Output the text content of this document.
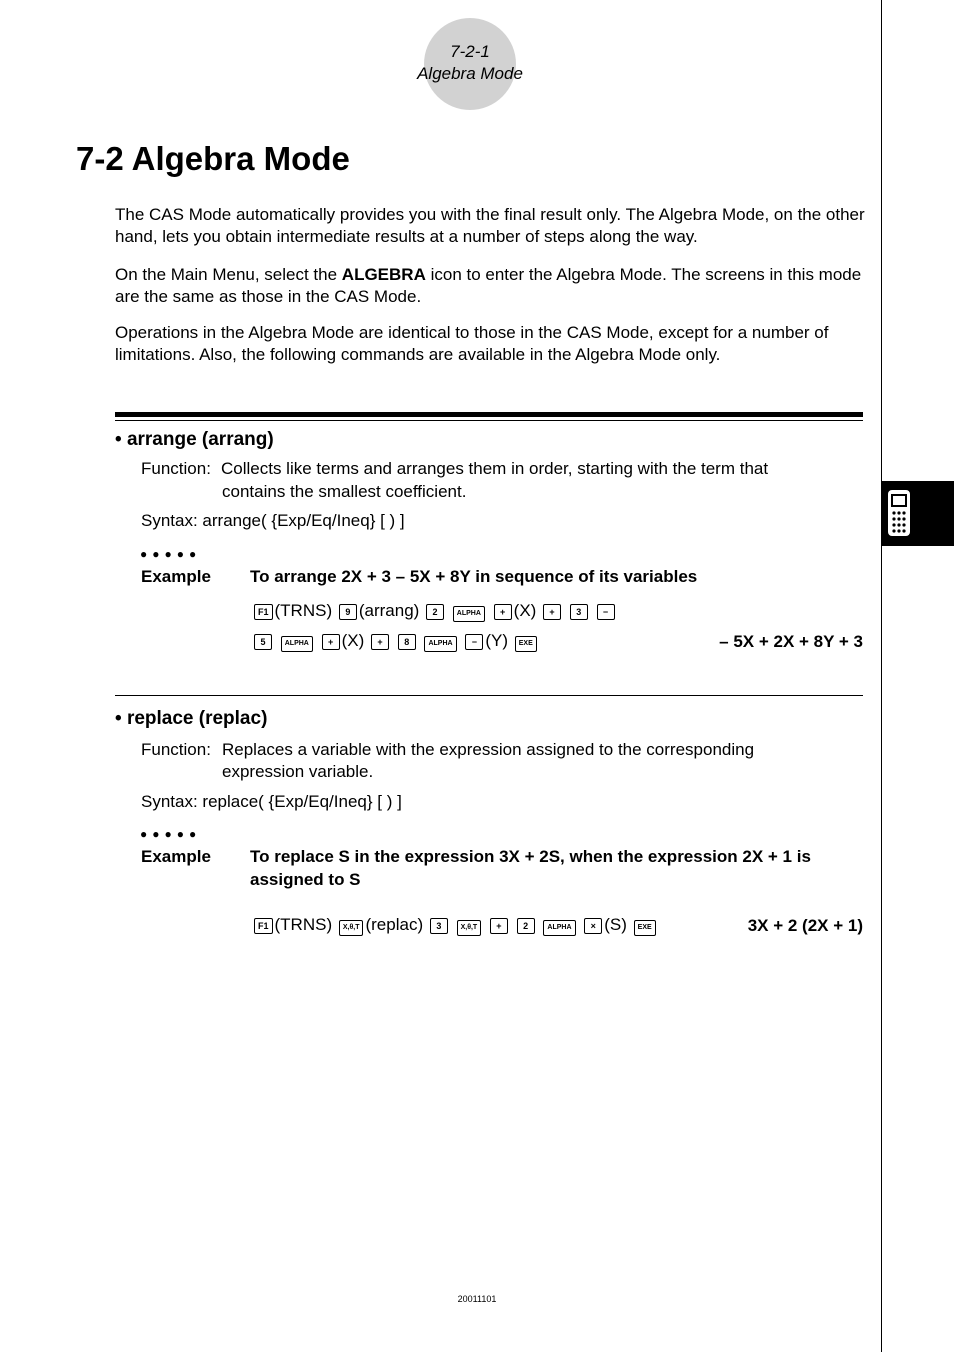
7-2-1
Algebra Mode
7-2 Algebra Mode

The CAS Mode automatically provides you with the final result only. The Algebra Mode, on the other hand, lets you obtain intermediate results at a number of steps along the way.

On the Main Menu, select the ALGEBRA icon to enter the Algebra Mode. The screens in this mode are the same as those in the CAS Mode.

Operations in the Algebra Mode are identical to those in the CAS Mode, except for a number of limitations. Also, the following commands are available in the Algebra Mode only.

• arrange (arrang)
Function: Collects like terms and arranges them in order, starting with the term that
contains the smallest coefficient.
Syntax: arrange( {Exp/Eq/Ineq} [ ) ]
●●●●●
Example To arrange 2X + 3 – 5X + 8Y in sequence of its variables
F1 (TRNS) 9 (arrang) 2	ALPHA + (X) + 3 −
5	ALPHA + (X) + 8	ALPHA − (Y) EXE	– 5X + 2X + 8Y + 3
• replace (replac)
Function: Replaces a variable with the expression assigned to the corresponding
expression variable.
Syntax: replace( {Exp/Eq/Ineq} [ ) ]
●●●●●
Example To replace S in the expression 3X + 2S, when the expression 2X + 1 is
assigned to S
F1 (TRNS) X,θ,T (replac) 3	X,θ,T + 2	ALPHA × (S) EXE	3X + 2 (2X + 1)
20011101
